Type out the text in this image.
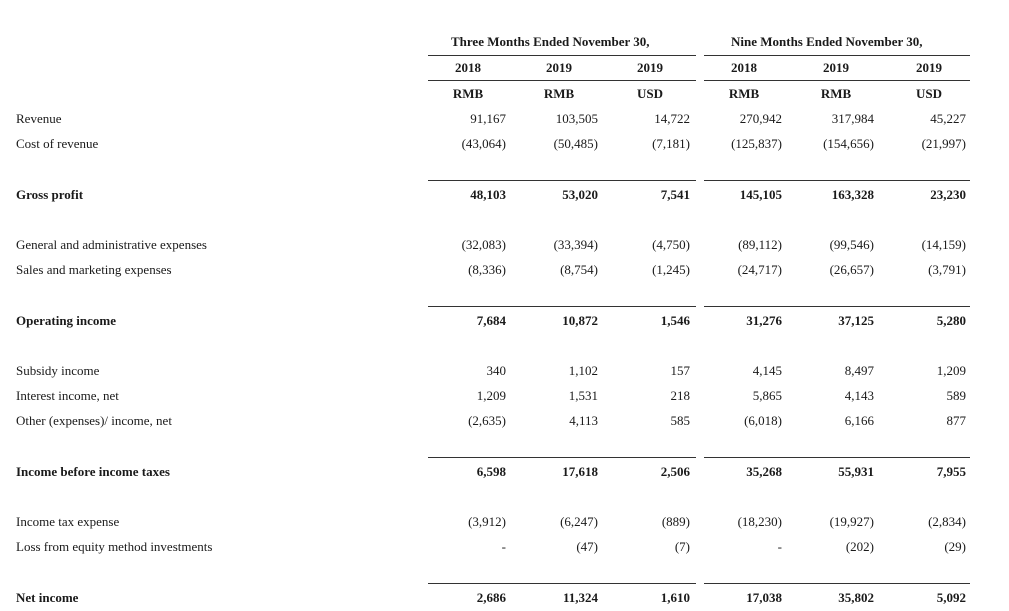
Three Months Ended November 30,	Nine Months Ended November 30,
2018	2019	2019	2018	2019	2019
RMB	RMB	USD	RMB	RMB	USD
Revenue	91,167	103,505	14,722	270,942	317,984	45,227
Cost of revenue	(43,064)	(50,485)	(7,181)	(125,837)	(154,656)	(21,997)
Gross profit	48,103	53,020	7,541	145,105	163,328	23,230
General and administrative expenses	(32,083)	(33,394)	(4,750)	(89,112)	(99,546)	(14,159)
Sales and marketing expenses	(8,336)	(8,754)	(1,245)	(24,717)	(26,657)	(3,791)
Operating income	7,684	10,872	1,546	31,276	37,125	5,280
Subsidy income	340	1,102	157	4,145	8,497	1,209
Interest income, net	1,209	1,531	218	5,865	4,143	589
Other (expenses)/ income, net	(2,635)	4,113	585	(6,018)	6,166	877
Income before income taxes	6,598	17,618	2,506	35,268	55,931	7,955
Income tax expense	(3,912)	(6,247)	(889)	(18,230)	(19,927)	(2,834)
Loss from equity method investments	-	(47)	(7)	-	(202)	(29)
Net income	2,686	11,324	1,610	17,038	35,802	5,092
